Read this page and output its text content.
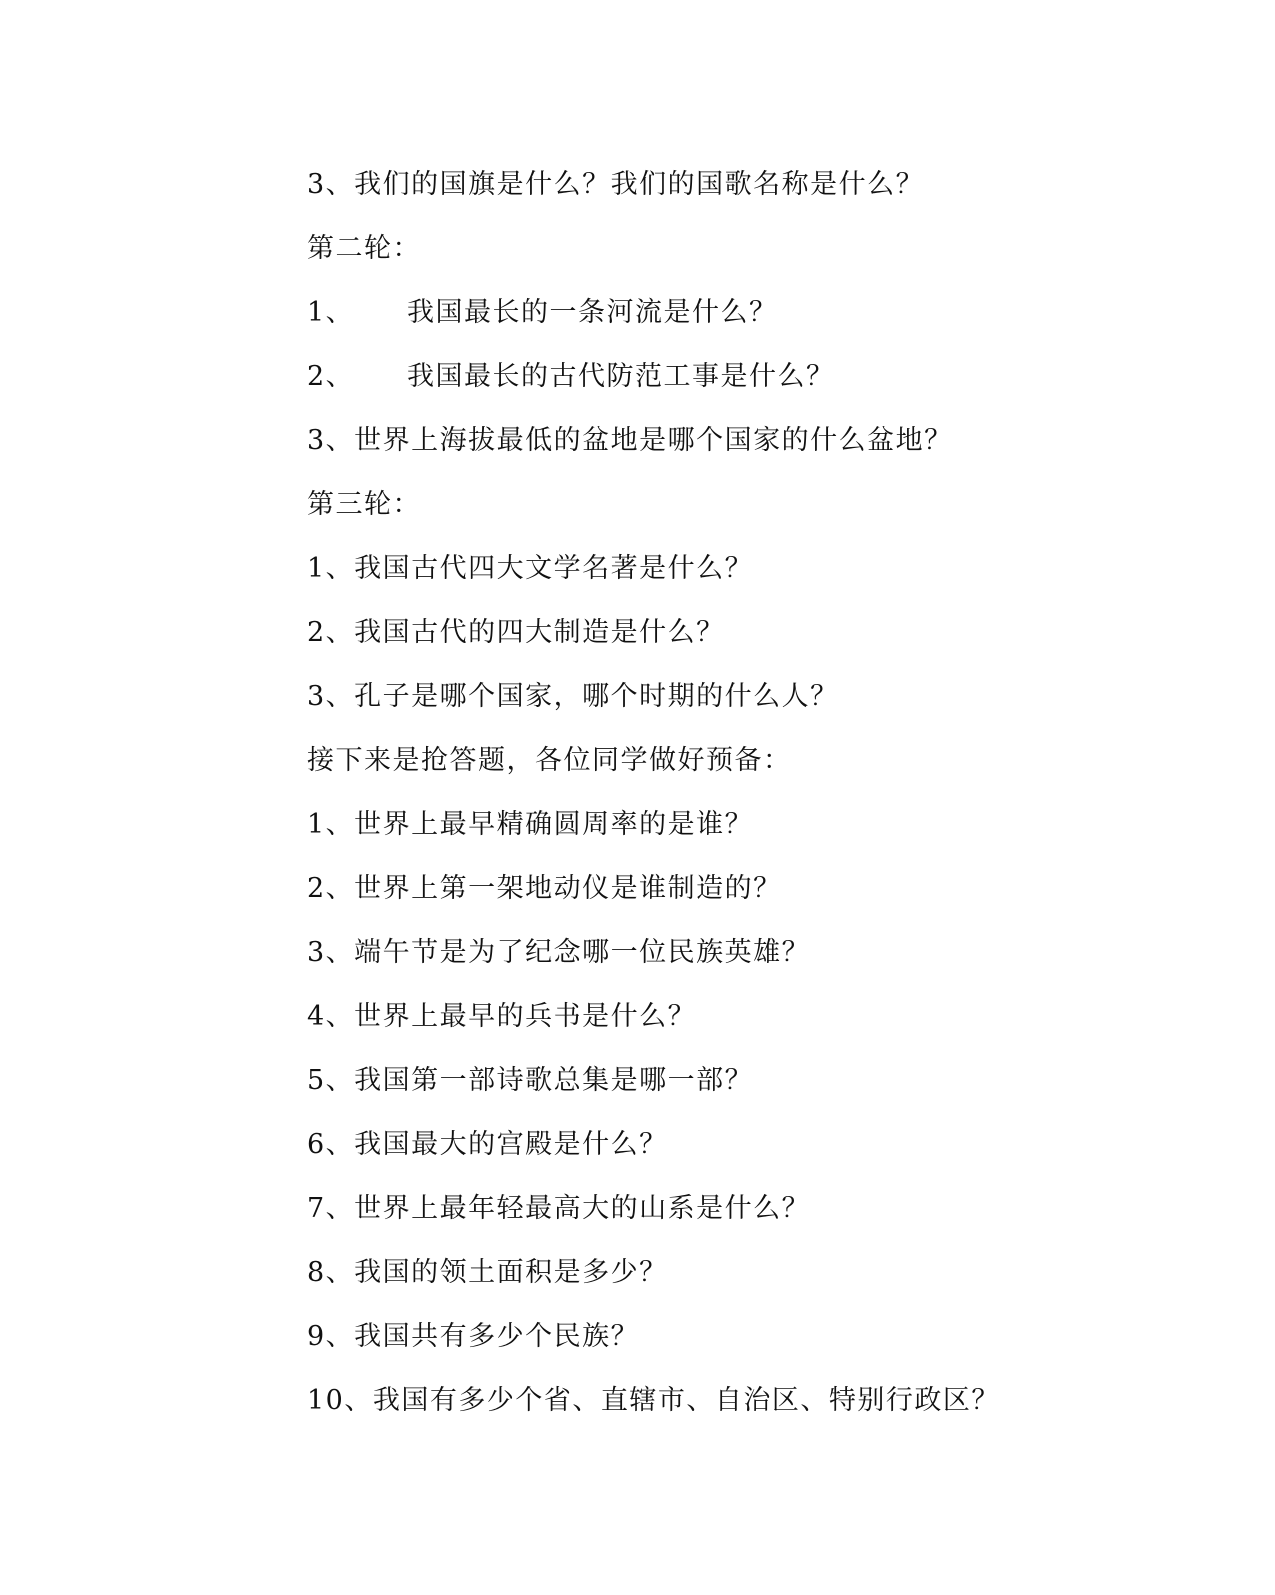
3、我们的国旗是什么？我们的国歌名称是什么？
第二轮：
1、 我国最长的一条河流是什么？
2、 我国最长的古代防范工事是什么？
3、世界上海拔最低的盆地是哪个国家的什么盆地？
第三轮：
1、我国古代四大文学名著是什么？
2、我国古代的四大制造是什么？
3、孔子是哪个国家，哪个时期的什么人？
接下来是抢答题，各位同学做好预备：
1、世界上最早精确圆周率的是谁？
2、世界上第一架地动仪是谁制造的？
3、端午节是为了纪念哪一位民族英雄？
4、世界上最早的兵书是什么？
5、我国第一部诗歌总集是哪一部？
6、我国最大的宫殿是什么？
7、世界上最年轻最高大的山系是什么？
8、我国的领土面积是多少？
9、我国共有多少个民族？
10、我国有多少个省、直辖市、自治区、特别行政区？
